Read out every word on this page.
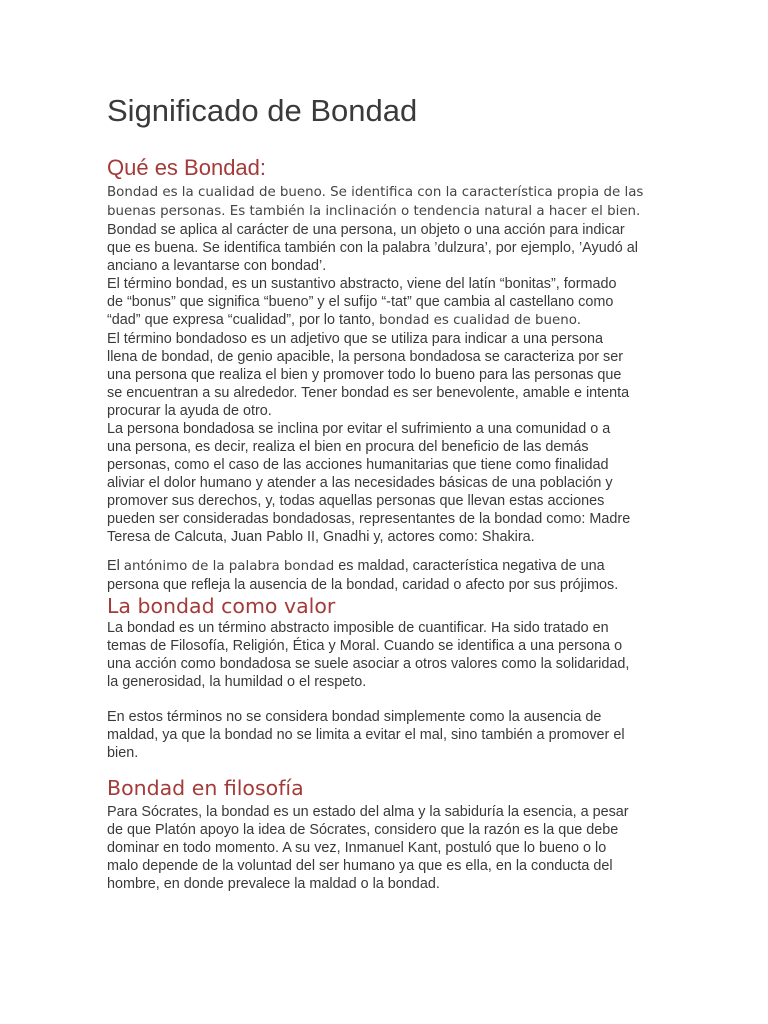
Significado de Bondad
Qué es Bondad:
Bondad es la cualidad de bueno. Se identifica con la característica propia de las
buenas personas. Es también la inclinación o tendencia natural a hacer el bien.
Bondad se aplica al carácter de una persona, un objeto o una acción para indicar
que es buena. Se identifica también con la palabra ’dulzura’, por ejemplo, ’Ayudó al
anciano a levantarse con bondad’.
El término bondad, es un sustantivo abstracto, viene del latín “bonitas”, formado
de “bonus” que significa “bueno” y el sufijo “-tat” que cambia al castellano como
“dad” que expresa “cualidad”, por lo tanto, bondad es cualidad de bueno.
El término bondadoso es un adjetivo que se utiliza para indicar a una persona
llena de bondad, de genio apacible, la persona bondadosa se caracteriza por ser
una persona que realiza el bien y promover todo lo bueno para las personas que
se encuentran a su alrededor. Tener bondad es ser benevolente, amable e intenta
procurar la ayuda de otro.
La persona bondadosa se inclina por evitar el sufrimiento a una comunidad o a
una persona, es decir, realiza el bien en procura del beneficio de las demás
personas, como el caso de las acciones humanitarias que tiene como finalidad
aliviar el dolor humano y atender a las necesidades básicas de una población y
promover sus derechos, y, todas aquellas personas que llevan estas acciones
pueden ser consideradas bondadosas, representantes de la bondad como: Madre
Teresa de Calcuta, Juan Pablo II, Gnadhi y, actores como: Shakira.
El antónimo de la palabra bondad es maldad, característica negativa de una
persona que refleja la ausencia de la bondad, caridad o afecto por sus prójimos.
La bondad como valor
La bondad es un término abstracto imposible de cuantificar. Ha sido tratado en
temas de Filosofía, Religión, Ética y Moral. Cuando se identifica a una persona o
una acción como bondadosa se suele asociar a otros valores como la solidaridad,
la generosidad, la humildad o el respeto.
En estos términos no se considera bondad simplemente como la ausencia de
maldad, ya que la bondad no se limita a evitar el mal, sino también a promover el
bien.
Bondad en filosofía
Para Sócrates, la bondad es un estado del alma y la sabiduría la esencia, a pesar
de que Platón apoyo la idea de Sócrates, considero que la razón es la que debe
dominar en todo momento. A su vez, Inmanuel Kant, postuló que lo bueno o lo
malo depende de la voluntad del ser humano ya que es ella, en la conducta del
hombre, en donde prevalece la maldad o la bondad.
